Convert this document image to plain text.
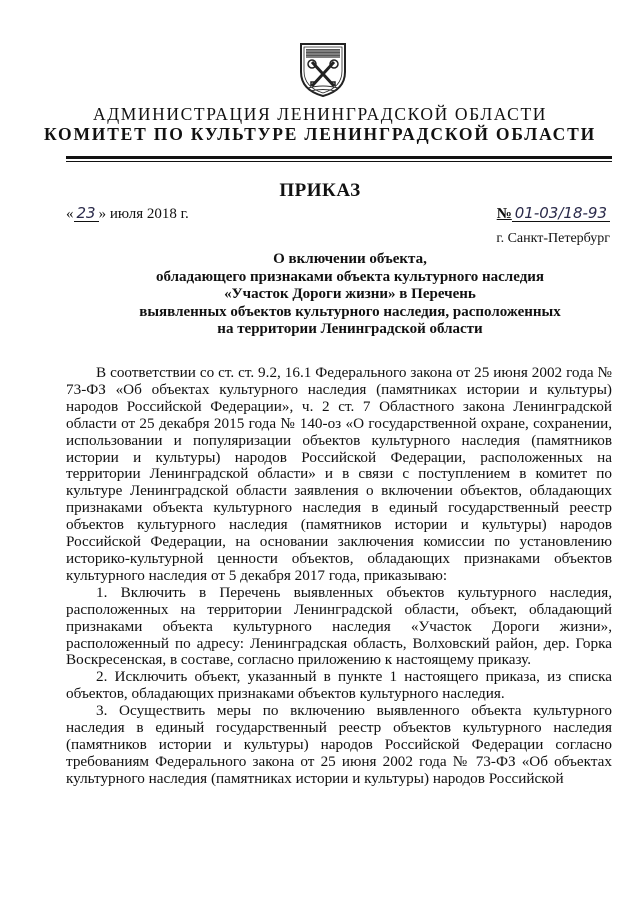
АДМИНИСТРАЦИЯ ЛЕНИНГРАДСКОЙ ОБЛАСТИ
КОМИТЕТ ПО КУЛЬТУРЕ ЛЕНИНГРАДСКОЙ ОБЛАСТИ
ПРИКАЗ
« 23 » июля 2018 г.	№ 01-03/18-93
г. Санкт-Петербург
О включении объекта,
обладающего признаками объекта культурного наследия
«Участок Дороги жизни» в Перечень
выявленных объектов культурного наследия, расположенных
на территории Ленинградской области

В соответствии со ст. ст. 9.2, 16.1 Федерального закона от 25 июня 2002 года № 73-ФЗ «Об объектах культурного наследия (памятниках истории и культуры) народов Российской Федерации», ч. 2 ст. 7 Областного закона Ленинградской области от 25 декабря 2015 года № 140-оз «О государственной охране, сохранении, использовании и популяризации объектов культурного наследия (памятников истории и культуры) народов Российской Федерации, расположенных на территории Ленинградской области» и в связи с поступлением в комитет по культуре Ленинградской области заявления о включении объектов, обладающих признаками объекта культурного наследия в единый государственный реестр объектов культурного наследия (памятников истории и культуры) народов Российской Федерации, на основании заключения комиссии по установлению историко-культурной ценности объектов, обладающих признаками объектов культурного наследия от 5 декабря 2017 года, приказываю:

1. Включить в Перечень выявленных объектов культурного наследия, расположенных на территории Ленинградской области, объект, обладающий признаками объекта культурного наследия «Участок Дороги жизни», расположенный по адресу: Ленинградская область, Волховский район, дер. Горка Воскресенская, в составе, согласно приложению к настоящему приказу.

2. Исключить объект, указанный в пункте 1 настоящего приказа, из списка объектов, обладающих признаками объектов культурного наследия.

3. Осуществить меры по включению выявленного объекта культурного наследия в единый государственный реестр объектов культурного наследия (памятников истории и культуры) народов Российской Федерации согласно требованиям Федерального закона от 25 июня 2002 года № 73-ФЗ «Об объектах культурного наследия (памятниках истории и культуры) народов Российской
